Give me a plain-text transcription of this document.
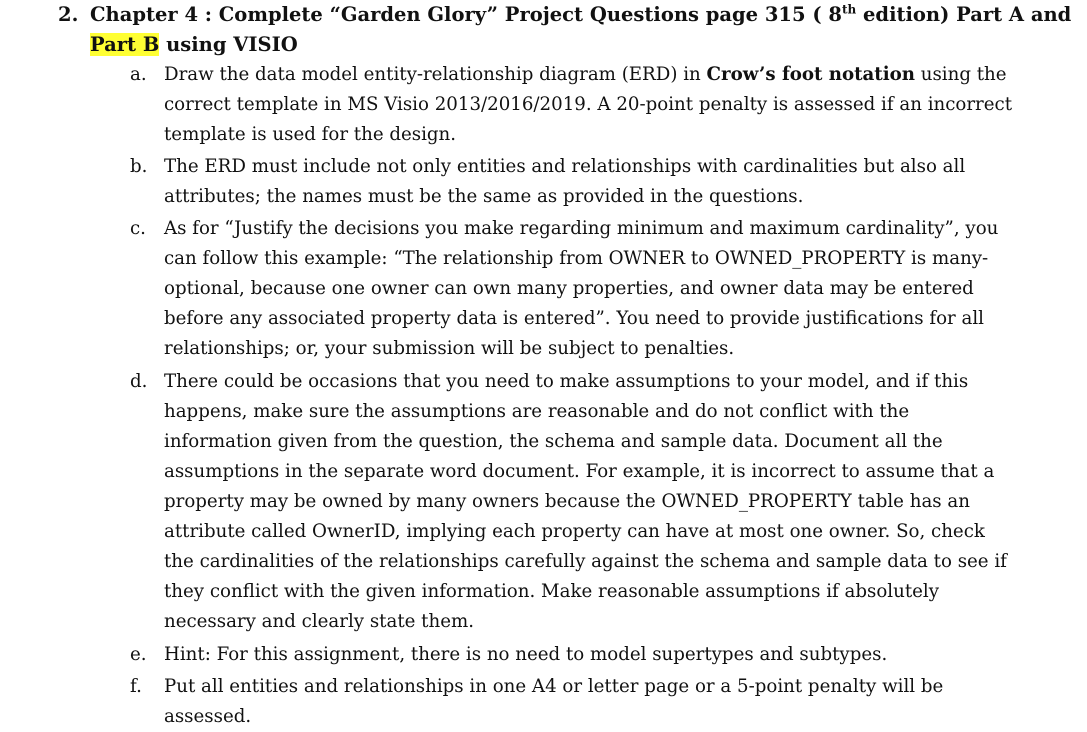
2. Chapter 4 : Complete “Garden Glory” Project Questions page 315 ( 8th edition) Part A and
Part B using VISIO
a. Draw the data model entity-relationship diagram (ERD) in Crow’s foot notation using the
correct template in MS Visio 2013/2016/2019. A 20-point penalty is assessed if an incorrect
template is used for the design.
b. The ERD must include not only entities and relationships with cardinalities but also all
attributes; the names must be the same as provided in the questions.
c. As for “Justify the decisions you make regarding minimum and maximum cardinality”, you
can follow this example: “The relationship from OWNER to OWNED_PROPERTY is many-
optional, because one owner can own many properties, and owner data may be entered
before any associated property data is entered”. You need to provide justifications for all
relationships; or, your submission will be subject to penalties.
d. There could be occasions that you need to make assumptions to your model, and if this
happens, make sure the assumptions are reasonable and do not conflict with the
information given from the question, the schema and sample data. Document all the
assumptions in the separate word document. For example, it is incorrect to assume that a
property may be owned by many owners because the OWNED_PROPERTY table has an
attribute called OwnerID, implying each property can have at most one owner. So, check
the cardinalities of the relationships carefully against the schema and sample data to see if
they conflict with the given information. Make reasonable assumptions if absolutely
necessary and clearly state them.
e. Hint: For this assignment, there is no need to model supertypes and subtypes.
f. Put all entities and relationships in one A4 or letter page or a 5-point penalty will be
assessed.
